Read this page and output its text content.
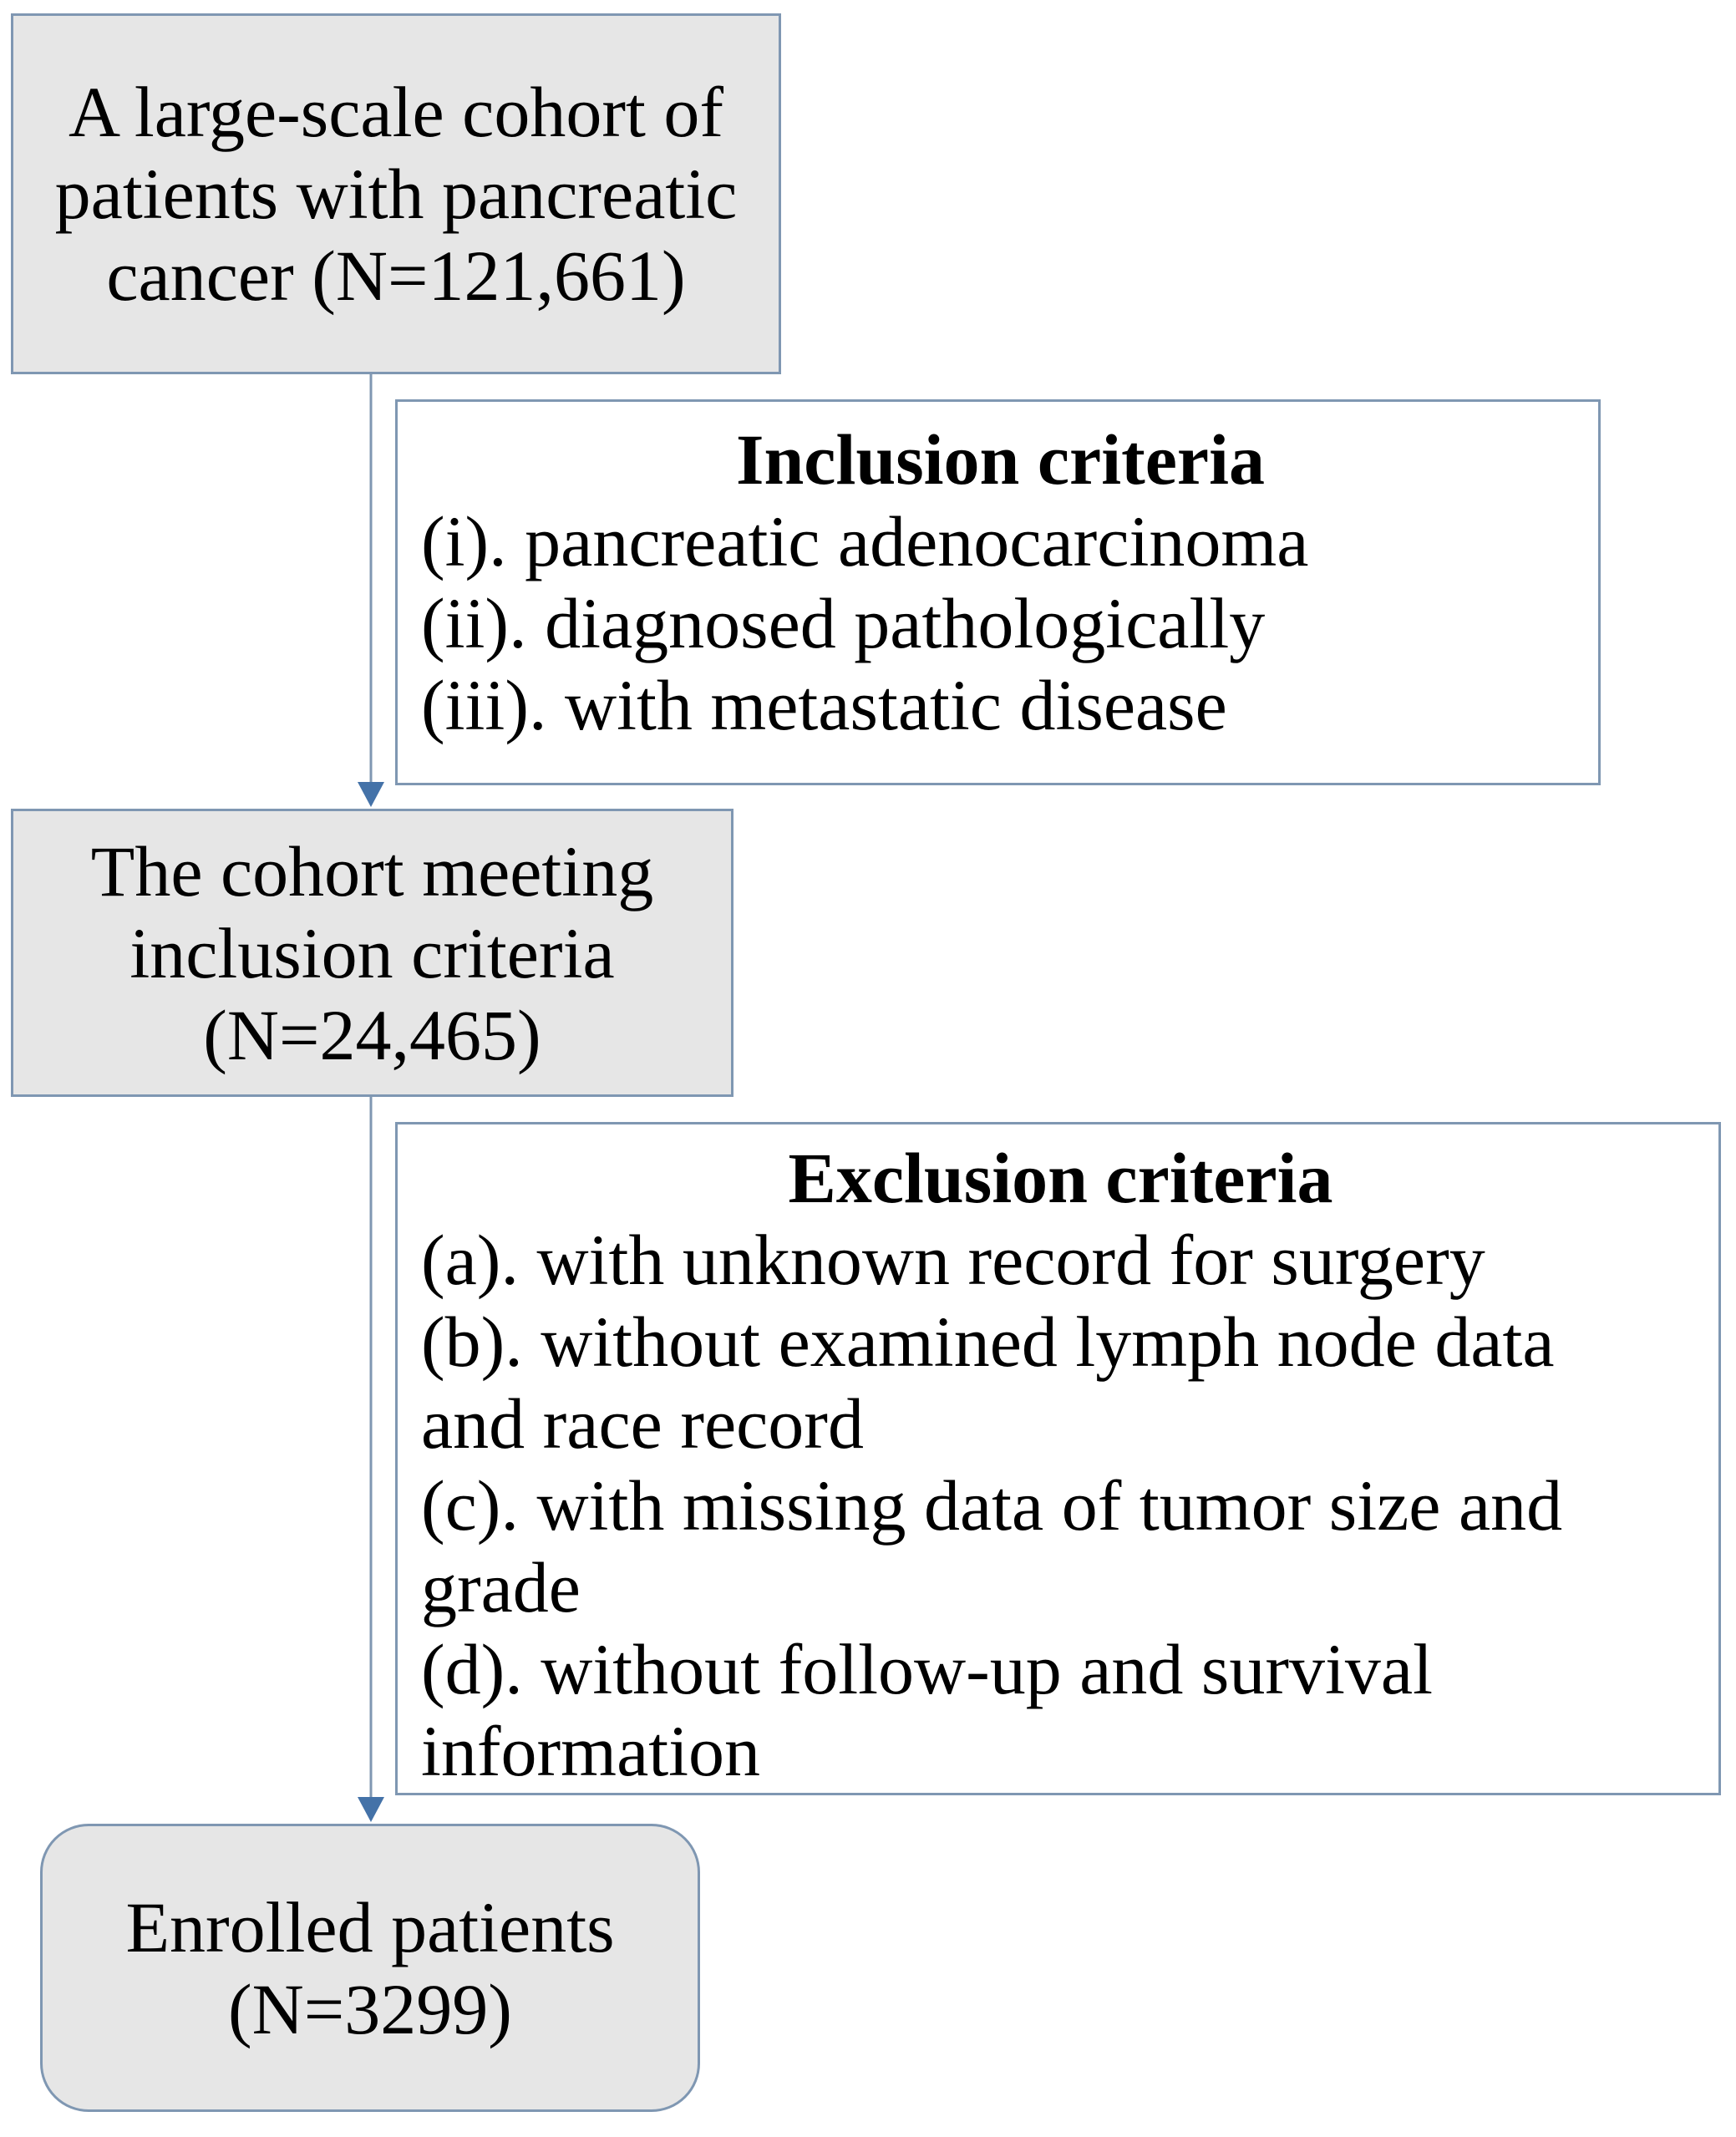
A large-scale cohort of
patients with pancreatic
cancer (N=121,661)
Inclusion criteria
(i). pancreatic adenocarcinoma
(ii). diagnosed pathologically
(iii). with metastatic disease
The cohort meeting
inclusion criteria
(N=24,465)
Exclusion criteria
(a). with unknown record for surgery
(b). without examined lymph node data
and race record
(c). with missing data of tumor size and
grade
(d). without follow-up and survival
information
Enrolled patients
(N=3299)
